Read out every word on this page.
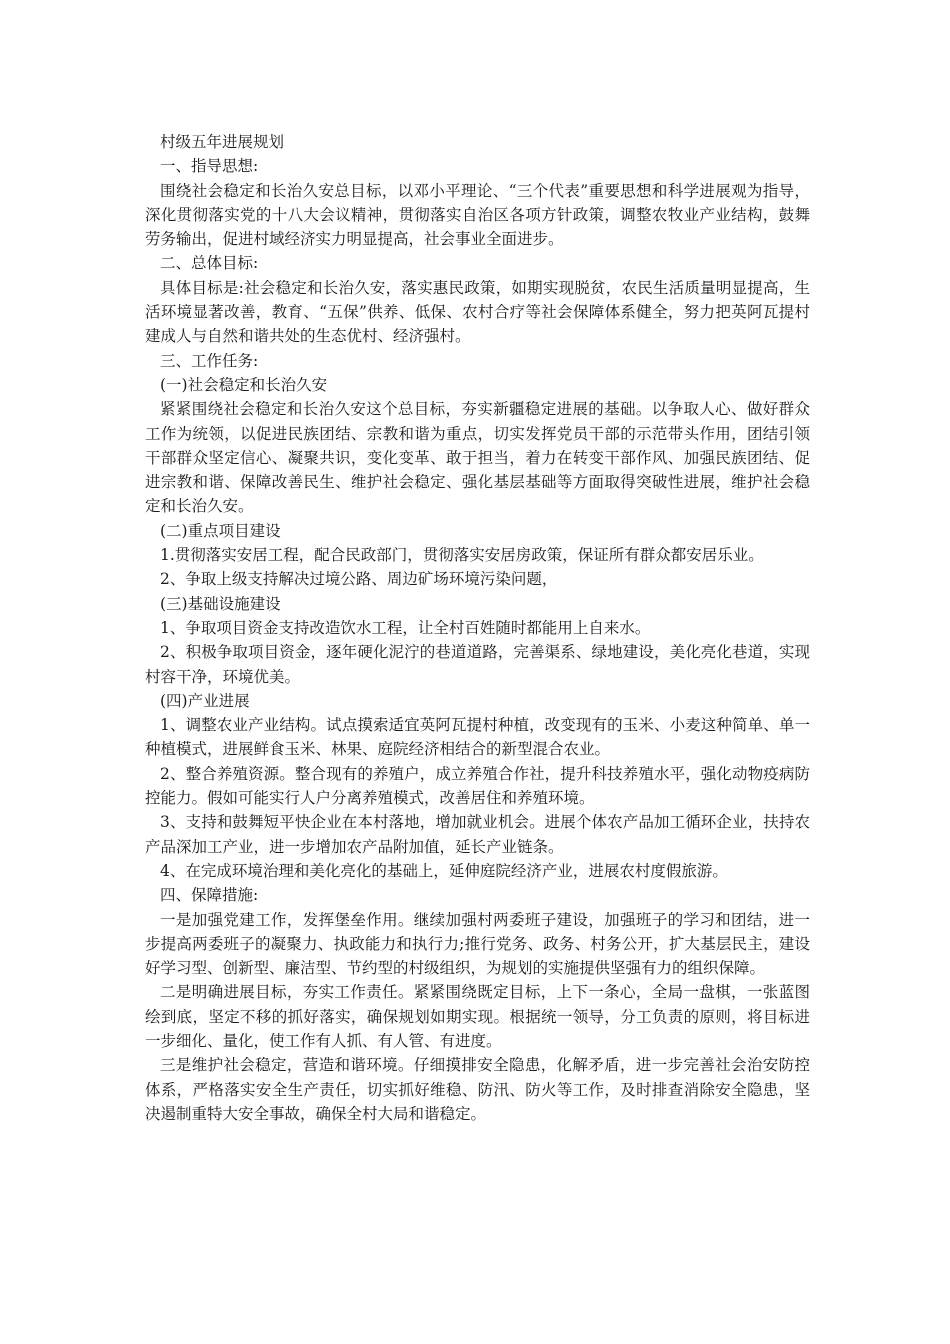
村级五年进展规划

一、指导思想:

围绕社会稳定和长治久安总目标，以邓小平理论、“三个代表”重要思想和科学进展观为指导，深化贯彻落实党的十八大会议精神，贯彻落实自治区各项方针政策，调整农牧业产业结构，鼓舞劳务输出，促进村域经济实力明显提高，社会事业全面进步。

二、总体目标:

具体目标是:社会稳定和长治久安，落实惠民政策，如期实现脱贫，农民生活质量明显提高，生活环境显著改善，教育、“五保”供养、低保、农村合疗等社会保障体系健全，努力把英阿瓦提村建成人与自然和谐共处的生态优村、经济强村。

三、工作任务:

(一)社会稳定和长治久安

紧紧围绕社会稳定和长治久安这个总目标，夯实新疆稳定进展的基础。以争取人心、做好群众工作为统领，以促进民族团结、宗教和谐为重点，切实发挥党员干部的示范带头作用，团结引领干部群众坚定信心、凝聚共识，变化变革、敢于担当，着力在转变干部作风、加强民族团结、促进宗教和谐、保障改善民生、维护社会稳定、强化基层基础等方面取得突破性进展，维护社会稳定和长治久安。

(二)重点项目建设

1.贯彻落实安居工程，配合民政部门，贯彻落实安居房政策，保证所有群众都安居乐业。

2、争取上级支持解决过境公路、周边矿场环境污染问题，

(三)基础设施建设

1、争取项目资金支持改造饮水工程，让全村百姓随时都能用上自来水。

2、积极争取项目资金，逐年硬化泥泞的巷道道路，完善渠系、绿地建设，美化亮化巷道，实现村容干净，环境优美。

(四)产业进展

1、调整农业产业结构。试点摸索适宜英阿瓦提村种植，改变现有的玉米、小麦这种简单、单一种植模式，进展鲜食玉米、林果、庭院经济相结合的新型混合农业。

2、整合养殖资源。整合现有的养殖户，成立养殖合作社，提升科技养殖水平，强化动物疫病防控能力。假如可能实行人户分离养殖模式，改善居住和养殖环境。

3、支持和鼓舞短平快企业在本村落地，增加就业机会。进展个体农产品加工循环企业，扶持农产品深加工产业，进一步增加农产品附加值，延长产业链条。

4、在完成环境治理和美化亮化的基础上，延伸庭院经济产业，进展农村度假旅游。

四、保障措施:

一是加强党建工作，发挥堡垒作用。继续加强村两委班子建设，加强班子的学习和团结，进一步提高两委班子的凝聚力、执政能力和执行力;推行党务、政务、村务公开，扩大基层民主，建设好学习型、创新型、廉洁型、节约型的村级组织，为规划的实施提供坚强有力的组织保障。

二是明确进展目标，夯实工作责任。紧紧围绕既定目标，上下一条心，全局一盘棋，一张蓝图绘到底，坚定不移的抓好落实，确保规划如期实现。根据统一领导，分工负责的原则，将目标进一步细化、量化，使工作有人抓、有人管、有进度。

三是维护社会稳定，营造和谐环境。仔细摸排安全隐患，化解矛盾，进一步完善社会治安防控体系，严格落实安全生产责任，切实抓好维稳、防汛、防火等工作，及时排查消除安全隐患，坚决遏制重特大安全事故，确保全村大局和谐稳定。
